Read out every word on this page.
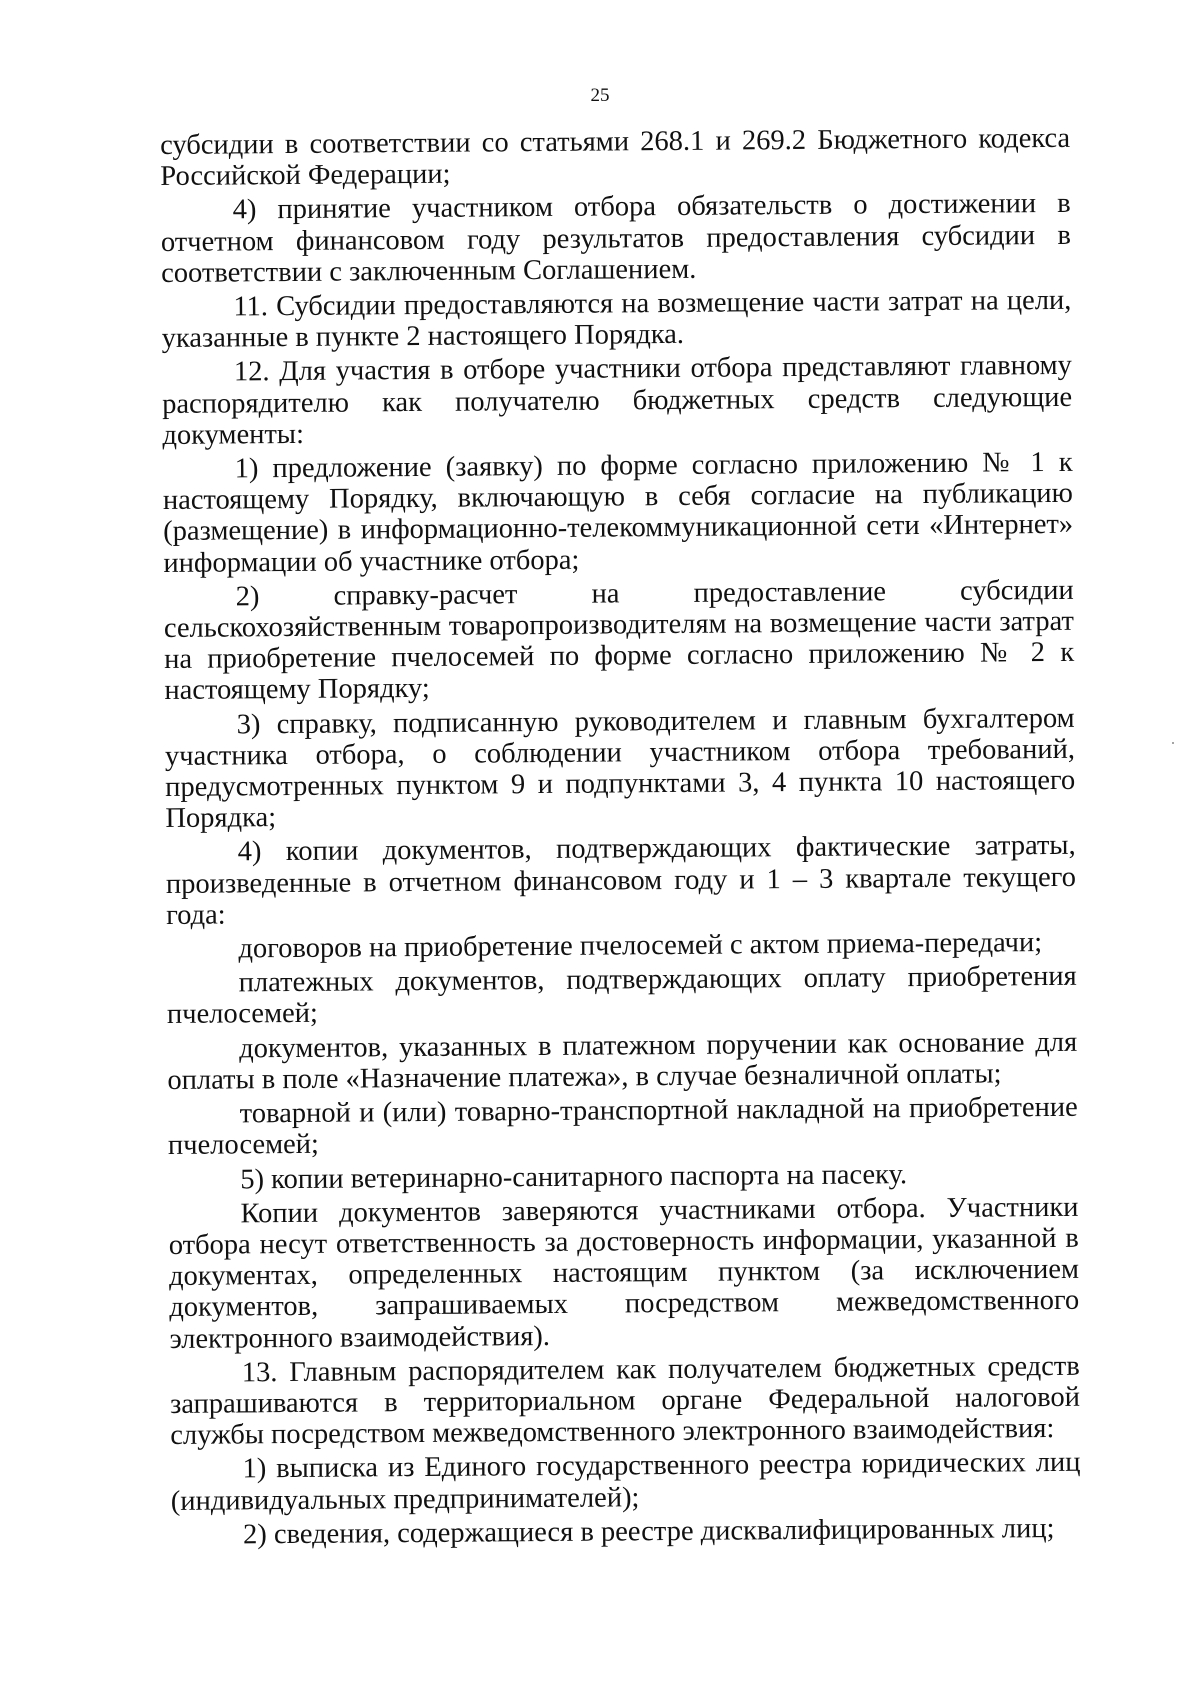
25

субсидии в соответствии со статьями 268.1 и 269.2 Бюджетного кодекса Российской Федерации;

4) принятие участником отбора обязательств о достижении в отчетном финансовом году результатов предоставления субсидии в соответствии с заключенным Соглашением.

11. Субсидии предоставляются на возмещение части затрат на цели, указанные в пункте 2 настоящего Порядка.

12. Для участия в отборе участники отбора представляют главному распорядителю как получателю бюджетных средств следующие документы:

1) предложение (заявку) по форме согласно приложению № 1 к настоящему Порядку, включающую в себя согласие на публикацию (размещение) в информационно-телекоммуникационной сети «Интернет» информации об участнике отбора;

2) справку-расчет на предоставление субсидии сельскохозяйственным товаропроизводителям на возмещение части затрат на приобретение пчелосемей по форме согласно приложению № 2 к настоящему Порядку;

3) справку, подписанную руководителем и главным бухгалтером участника отбора, о соблюдении участником отбора требований, предусмотренных пунктом 9 и подпунктами 3, 4 пункта 10 настоящего Порядка;

4) копии документов, подтверждающих фактические затраты, произведенные в отчетном финансовом году и 1 – 3 квартале текущего года:

договоров на приобретение пчелосемей с актом приема-передачи;

платежных документов, подтверждающих оплату приобретения пчелосемей;

документов, указанных в платежном поручении как основание для оплаты в поле «Назначение платежа», в случае безналичной оплаты;

товарной и (или) товарно-транспортной накладной на приобретение пчелосемей;

5) копии ветеринарно-санитарного паспорта на пасеку.

Копии документов заверяются участниками отбора. Участники отбора несут ответственность за достоверность информации, указанной в документах, определенных настоящим пунктом (за исключением документов, запрашиваемых посредством межведомственного электронного взаимодействия).

13. Главным распорядителем как получателем бюджетных средств запрашиваются в территориальном органе Федеральной налоговой службы посредством межведомственного электронного взаимодействия:

1) выписка из Единого государственного реестра юридических лиц (индивидуальных предпринимателей);

2) сведения, содержащиеся в реестре дисквалифицированных лиц;
